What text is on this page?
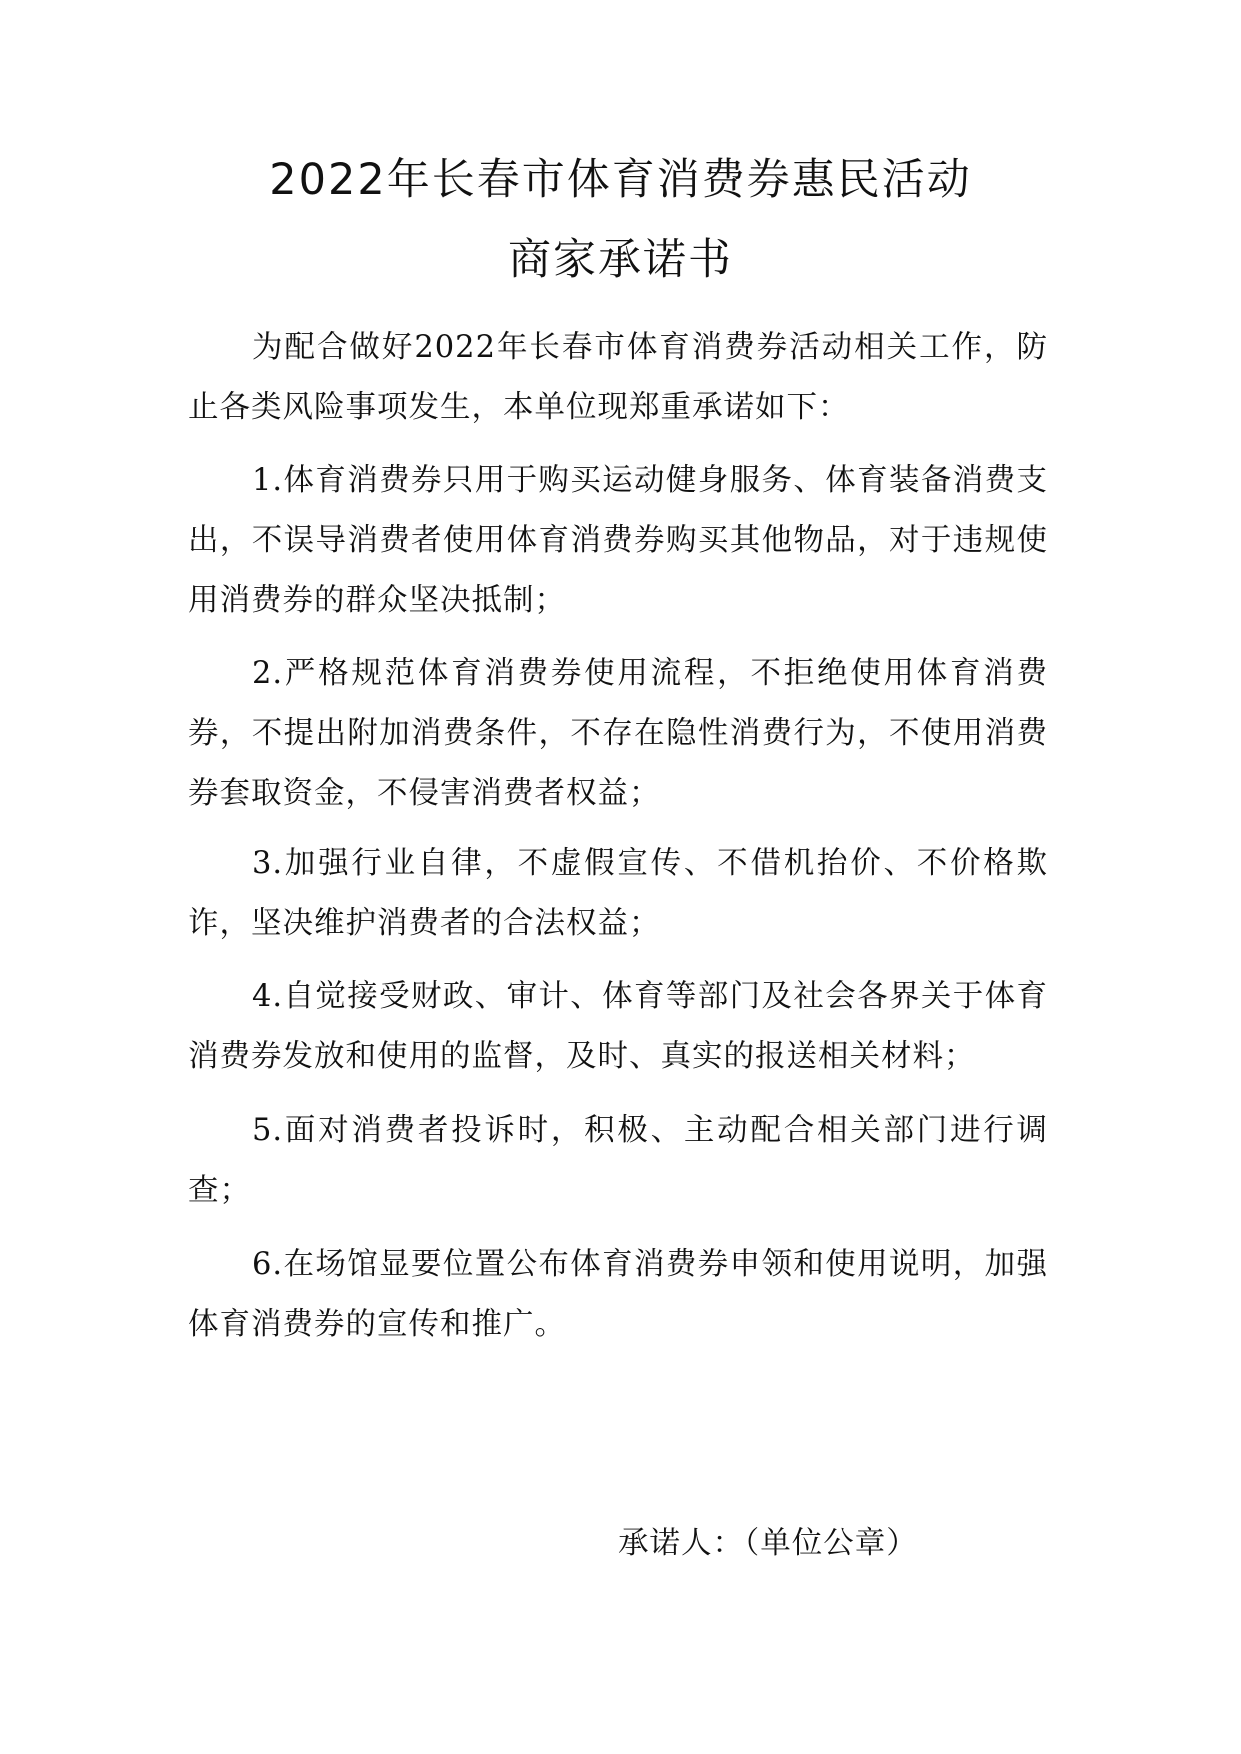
2022年长春市体育消费券惠民活动
商家承诺书

为配合做好2022年长春市体育消费券活动相关工作，防止各类风险事项发生，本单位现郑重承诺如下：

1.体育消费券只用于购买运动健身服务、体育装备消费支出，不误导消费者使用体育消费券购买其他物品，对于违规使用消费券的群众坚决抵制；

2.严格规范体育消费券使用流程，不拒绝使用体育消费券，不提出附加消费条件，不存在隐性消费行为，不使用消费券套取资金，不侵害消费者权益；

3.加强行业自律，不虚假宣传、不借机抬价、不价格欺诈，坚决维护消费者的合法权益；

4.自觉接受财政、审计、体育等部门及社会各界关于体育消费券发放和使用的监督，及时、真实的报送相关材料；

5.面对消费者投诉时，积极、主动配合相关部门进行调查；

6.在场馆显要位置公布体育消费券申领和使用说明，加强体育消费券的宣传和推广。

承诺人：（单位公章）
